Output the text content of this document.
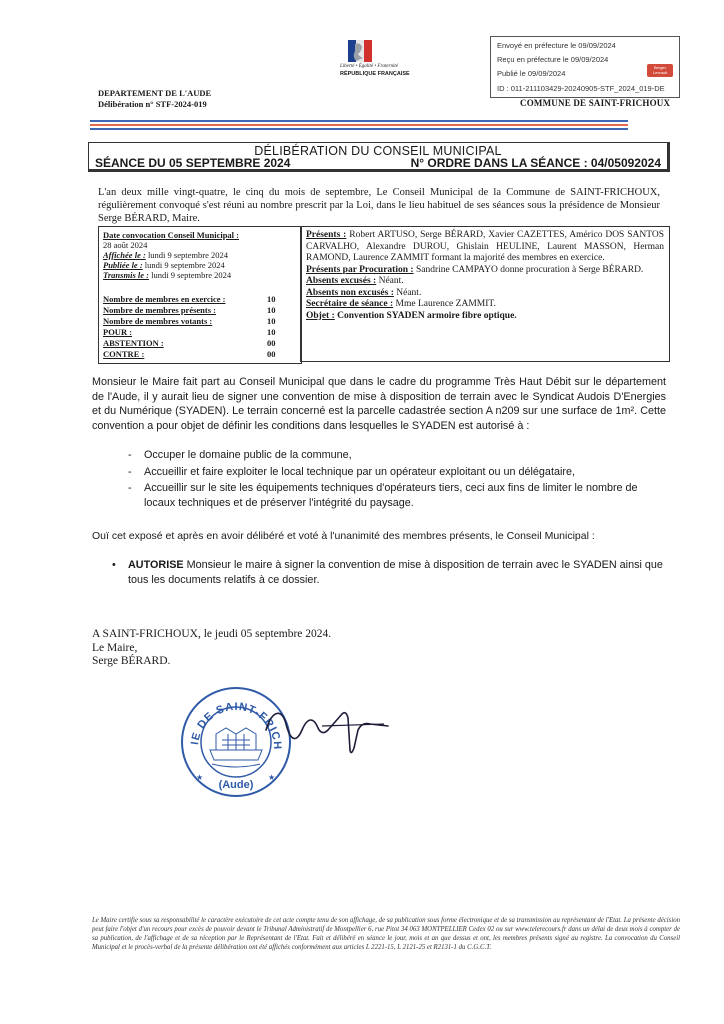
Liberté • Égalité • Fraternité
RÉPUBLIQUE FRANÇAISE
Envoyé en préfecture le 09/09/2024
Reçu en préfecture le 09/09/2024
Publié le 09/09/2024
ID : 011-211103429-20240905-STF_2024_019-DE
Berger Levrault
COMMUNE DE SAINT-FRICHOUX
DEPARTEMENT DE L'AUDE
Délibération n° STF-2024-019
DÉLIBÉRATION DU CONSEIL MUNICIPAL
SÉANCE DU 05 SEPTEMBRE 2024	N° ORDRE DANS LA SÉANCE : 04/05092024
L'an deux mille vingt-quatre, le cinq du mois de septembre, Le Conseil Municipal de la Commune de SAINT-FRICHOUX, régulièrement convoqué s'est réuni au nombre prescrit par la Loi, dans le lieu habituel de ses séances sous la présidence de Monsieur Serge BÉRARD, Maire.
Date convocation Conseil Municipal :
28 août 2024
Affichée le : lundi 9 septembre 2024
Publiée le : lundi 9 septembre 2024
Transmis le : lundi 9 septembre 2024
Nombre de membres en exercice :	10
Nombre de membres présents :	10
Nombre de membres votants :	10
POUR :	10
ABSTENTION :	00
CONTRE :	00
Présents : Robert ARTUSO, Serge BÉRARD, Xavier CAZETTES, Américo DOS SANTOS CARVALHO, Alexandre DUROU, Ghislain HEULINE, Laurent MASSON, Herman RAMOND, Laurence ZAMMIT formant la majorité des membres en exercice.
Présents par Procuration : Sandrine CAMPAYO donne procuration à Serge BÉRARD.
Absents excusés : Néant.
Absents non excusés : Néant.
Secrétaire de séance : Mme Laurence ZAMMIT.
Objet : Convention SYADEN armoire fibre optique.
Monsieur le Maire fait part au Conseil Municipal que dans le cadre du programme Très Haut Débit sur le département de l'Aude, il y aurait lieu de signer une convention de mise à disposition de terrain avec le Syndicat Audois D'Energies et du Numérique (SYADEN). Le terrain concerné est la parcelle cadastrée section A n209 sur une surface de 1m². Cette convention a pour objet de définir les conditions dans lesquelles le SYADEN est autorisé à :
- Occuper le domaine public de la commune,
- Accueillir et faire exploiter le local technique par un opérateur exploitant ou un délégataire,
- Accueillir sur le site les équipements techniques d'opérateurs tiers, ceci aux fins de limiter le nombre de locaux techniques et de préserver l'intégrité du paysage.
Ouï cet exposé et après en avoir délibéré et voté à l'unanimité des membres présents, le Conseil Municipal :
• AUTORISE Monsieur le maire à signer la convention de mise à disposition de terrain avec le SYADEN ainsi que tous les documents relatifs à ce dossier.
A SAINT-FRICHOUX, le jeudi 05 septembre 2024.
Le Maire,
Serge BÉRARD.
IE DE SAINT-FRICH
(Aude)
★	★
Le Maire certifie sous sa responsabilité le caractère exécutoire de cet acte compte tenu de son affichage, de sa publication sous forme électronique et de sa transmission au représentant de l'Etat. La présente décision peut faire l'objet d'un recours pour excès de pouvoir devant le Tribunal Administratif de Montpellier 6, rue Pitot 34 063 MONTPELLIER Cedex 02 ou sur www.telerecours.fr dans un délai de deux mois à compter de sa publication, de l'affichage et de sa réception par le Représentant de l'Etat. Fait et délibéré en séance le jour, mois et an que dessus et ont, les membres présents signé au registre. La convocation du Conseil Municipal et le procès-verbal de la présente délibération ont été affichés conformément aux articles L 2221-15, L 2121-25 et R2131-1 du C.G.C.T.
